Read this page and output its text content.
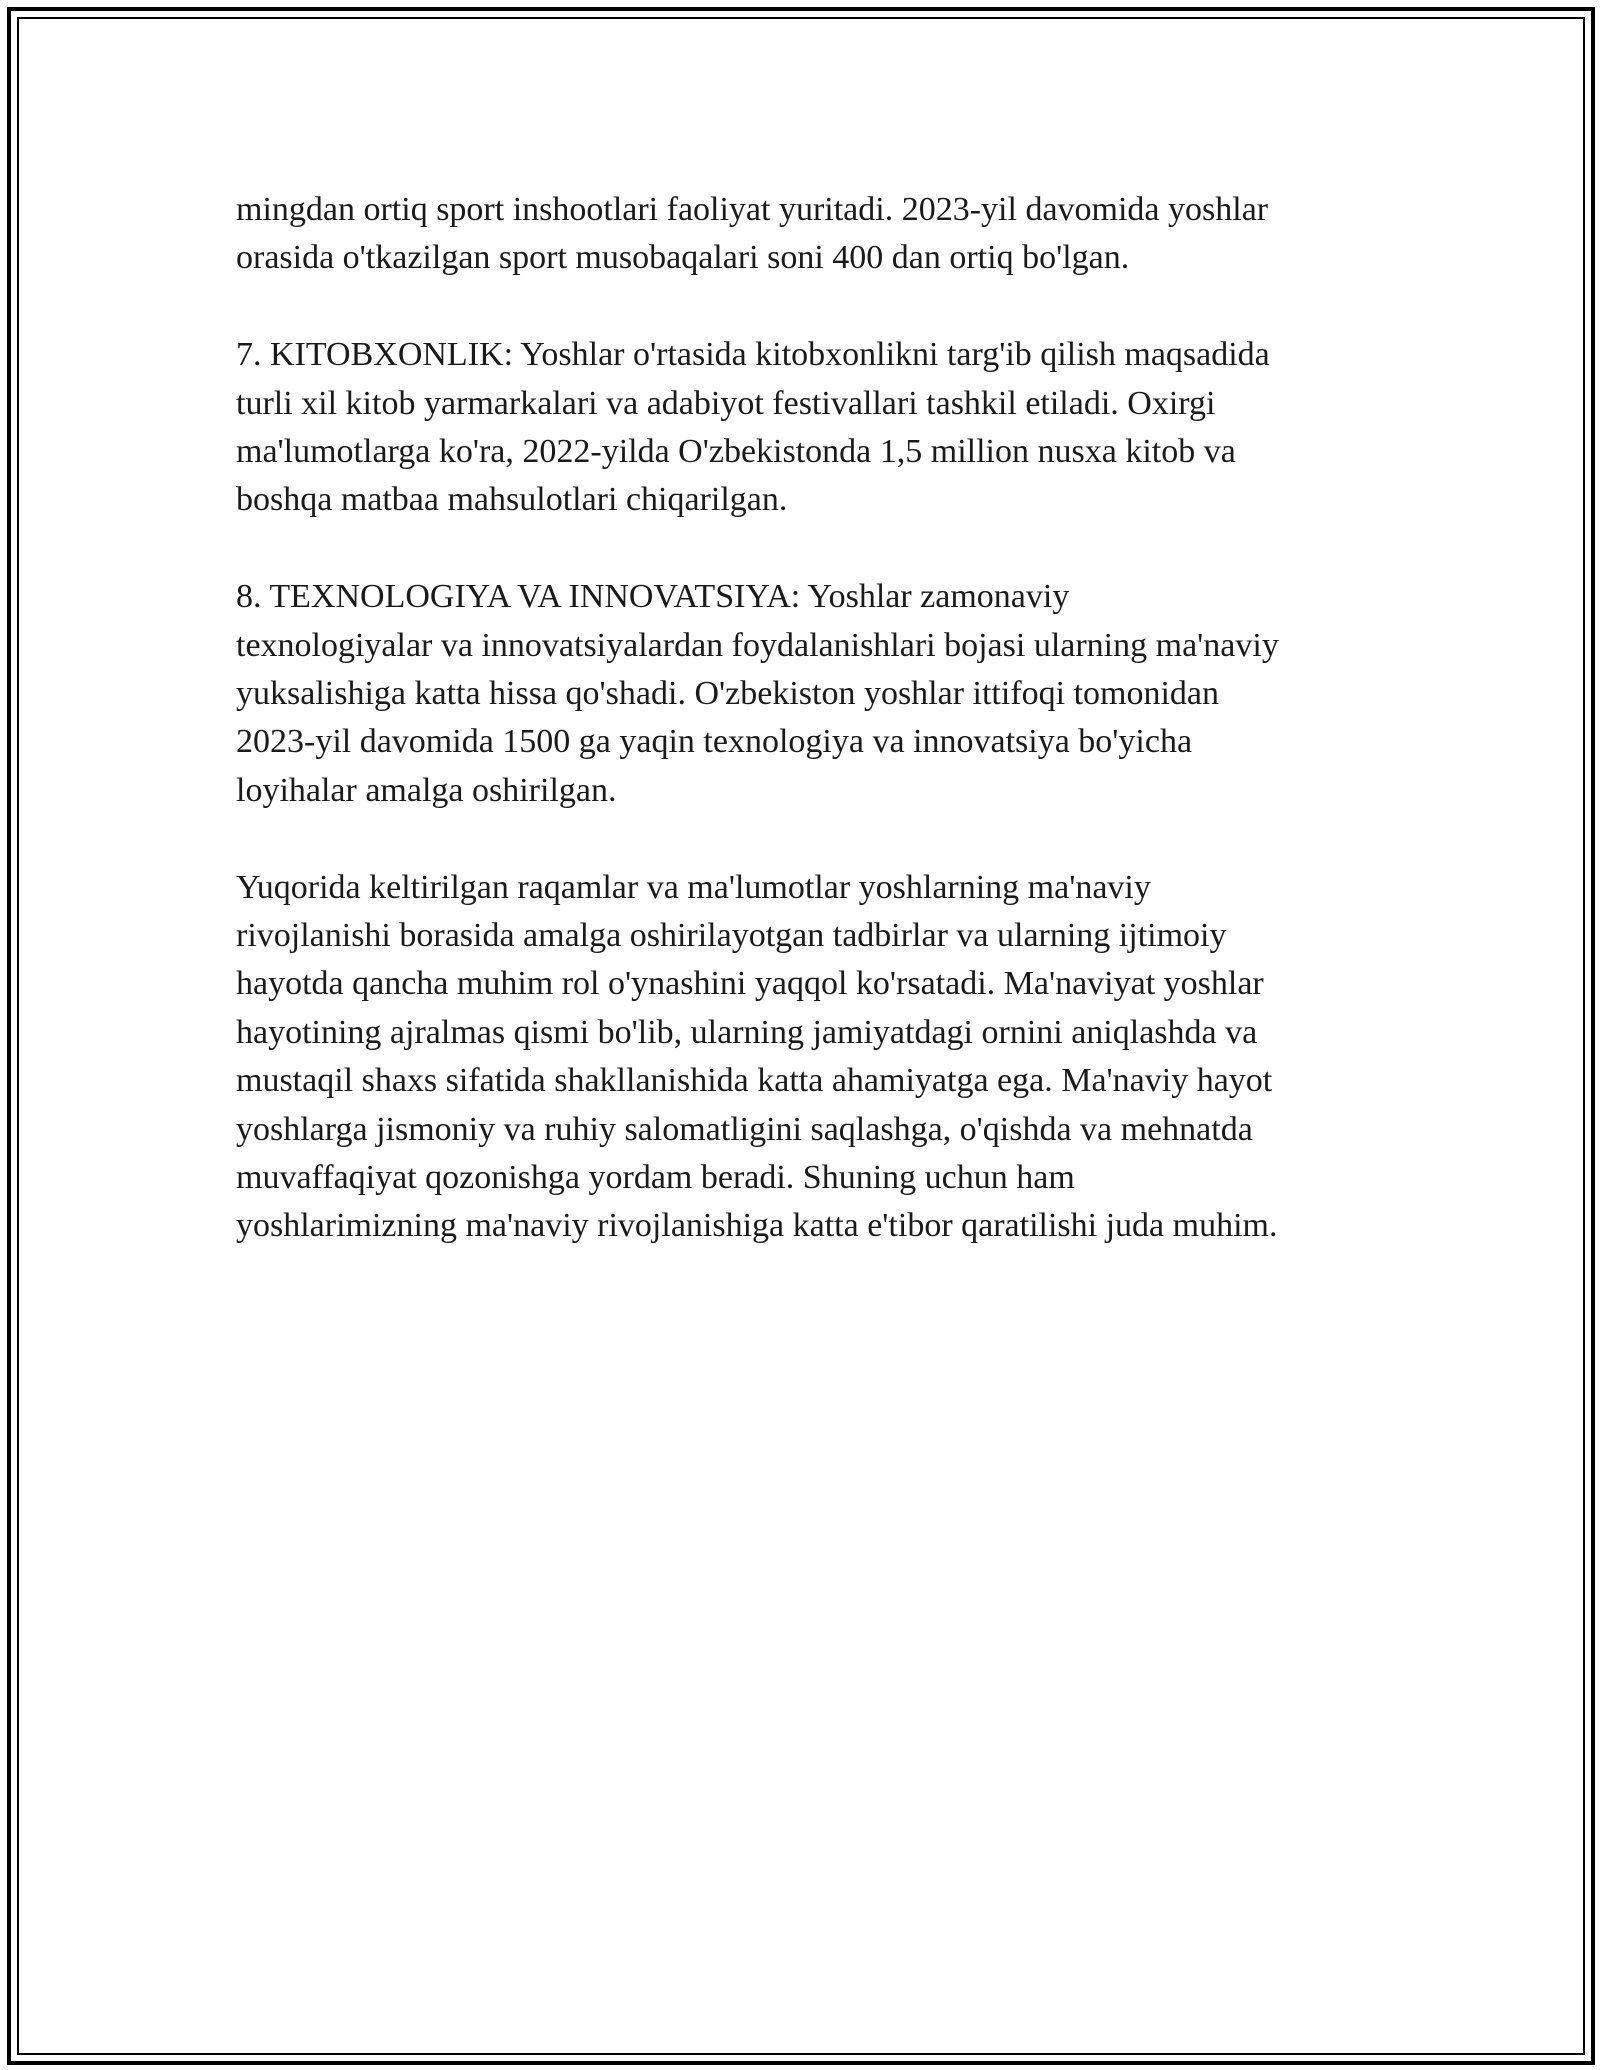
mingdan ortiq sport inshootlari faoliyat yuritadi. 2023-yil davomida yoshlar
orasida o'tkazilgan sport musobaqalari soni 400 dan ortiq bo'lgan.

7. KITOBXONLIK: Yoshlar o'rtasida kitobxonlikni targ'ib qilish maqsadida
turli xil kitob yarmarkalari va adabiyot festivallari tashkil etiladi. Oxirgi
ma'lumotlarga ko'ra, 2022-yilda O'zbekistonda 1,5 million nusxa kitob va
boshqa matbaa mahsulotlari chiqarilgan.

8. TEXNOLOGIYA VA INNOVATSIYA: Yoshlar zamonaviy
texnologiyalar va innovatsiyalardan foydalanishlari bojasi ularning ma'naviy
yuksalishiga katta hissa qo'shadi. O'zbekiston yoshlar ittifoqi tomonidan
2023-yil davomida 1500 ga yaqin texnologiya va innovatsiya bo'yicha
loyihalar amalga oshirilgan.

Yuqorida keltirilgan raqamlar va ma'lumotlar yoshlarning ma'naviy
rivojlanishi borasida amalga oshirilayotgan tadbirlar va ularning ijtimoiy
hayotda qancha muhim rol o'ynashini yaqqol ko'rsatadi. Ma'naviyat yoshlar
hayotining ajralmas qismi bo'lib, ularning jamiyatdagi ornini aniqlashda va
mustaqil shaxs sifatida shakllanishida katta ahamiyatga ega. Ma'naviy hayot
yoshlarga jismoniy va ruhiy salomatligini saqlashga, o'qishda va mehnatda
muvaffaqiyat qozonishga yordam beradi. Shuning uchun ham
yoshlarimizning ma'naviy rivojlanishiga katta e'tibor qaratilishi juda muhim.
